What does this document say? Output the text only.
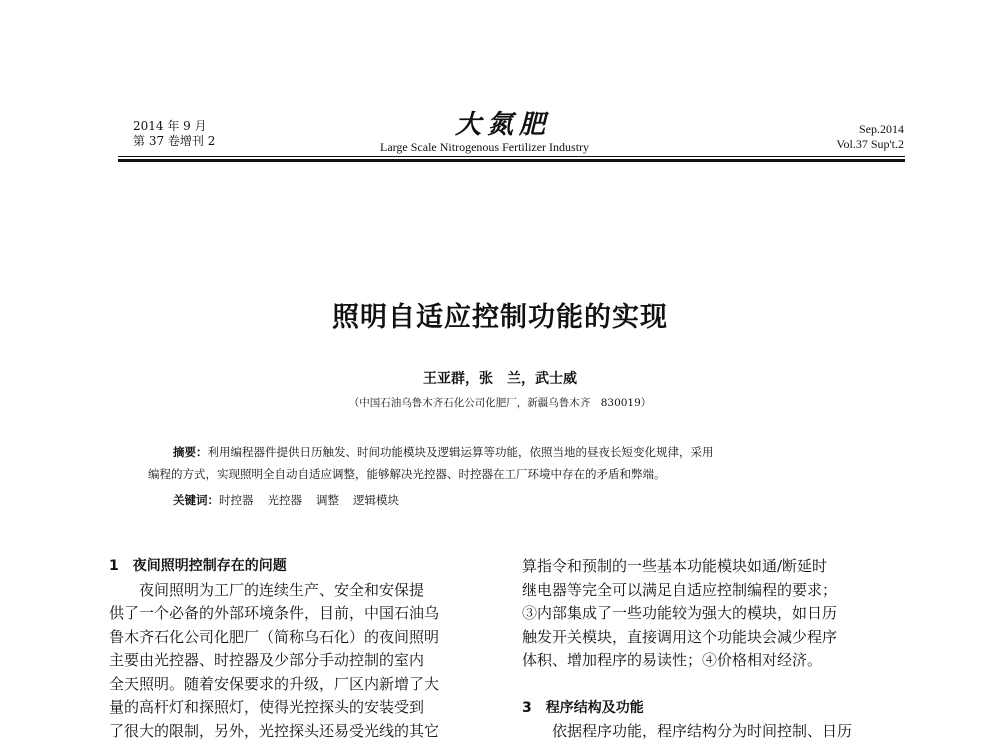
2014 年 9 月
第 37 卷增刊 2
大氮肥
Large Scale Nitrogenous Fertilizer Industry
Sep.2014
Vol.37 Sup't.2
照明自适应控制功能的实现
王亚群，张　兰，武士威
（中国石油乌鲁木齐石化公司化肥厂，新疆乌鲁木齐　830019）
摘要：利用编程器件提供日历触发、时间功能模块及逻辑运算等功能，依照当地的昼夜长短变化规律，采用
编程的方式，实现照明全自动自适应调整，能够解决光控器、时控器在工厂环境中存在的矛盾和弊端。
关键词：时控器 光控器 调整 逻辑模块
1 夜间照明控制存在的问题
夜间照明为工厂的连续生产、安全和安保提
供了一个必备的外部环境条件，目前，中国石油乌
鲁木齐石化公司化肥厂（简称乌石化）的夜间照明
主要由光控器、时控器及少部分手动控制的室内
全天照明。随着安保要求的升级，厂区内新增了大
量的高杆灯和探照灯，使得光控探头的安装受到
了很大的限制，另外，光控探头还易受光线的其它
算指令和预制的一些基本功能模块如通/断延时
继电器等完全可以满足自适应控制编程的要求；
③内部集成了一些功能较为强大的模块，如日历
触发开关模块，直接调用这个功能块会减少程序
体积、增加程序的易读性；④价格相对经济。
3 程序结构及功能
依据程序功能，程序结构分为时间控制、日历
